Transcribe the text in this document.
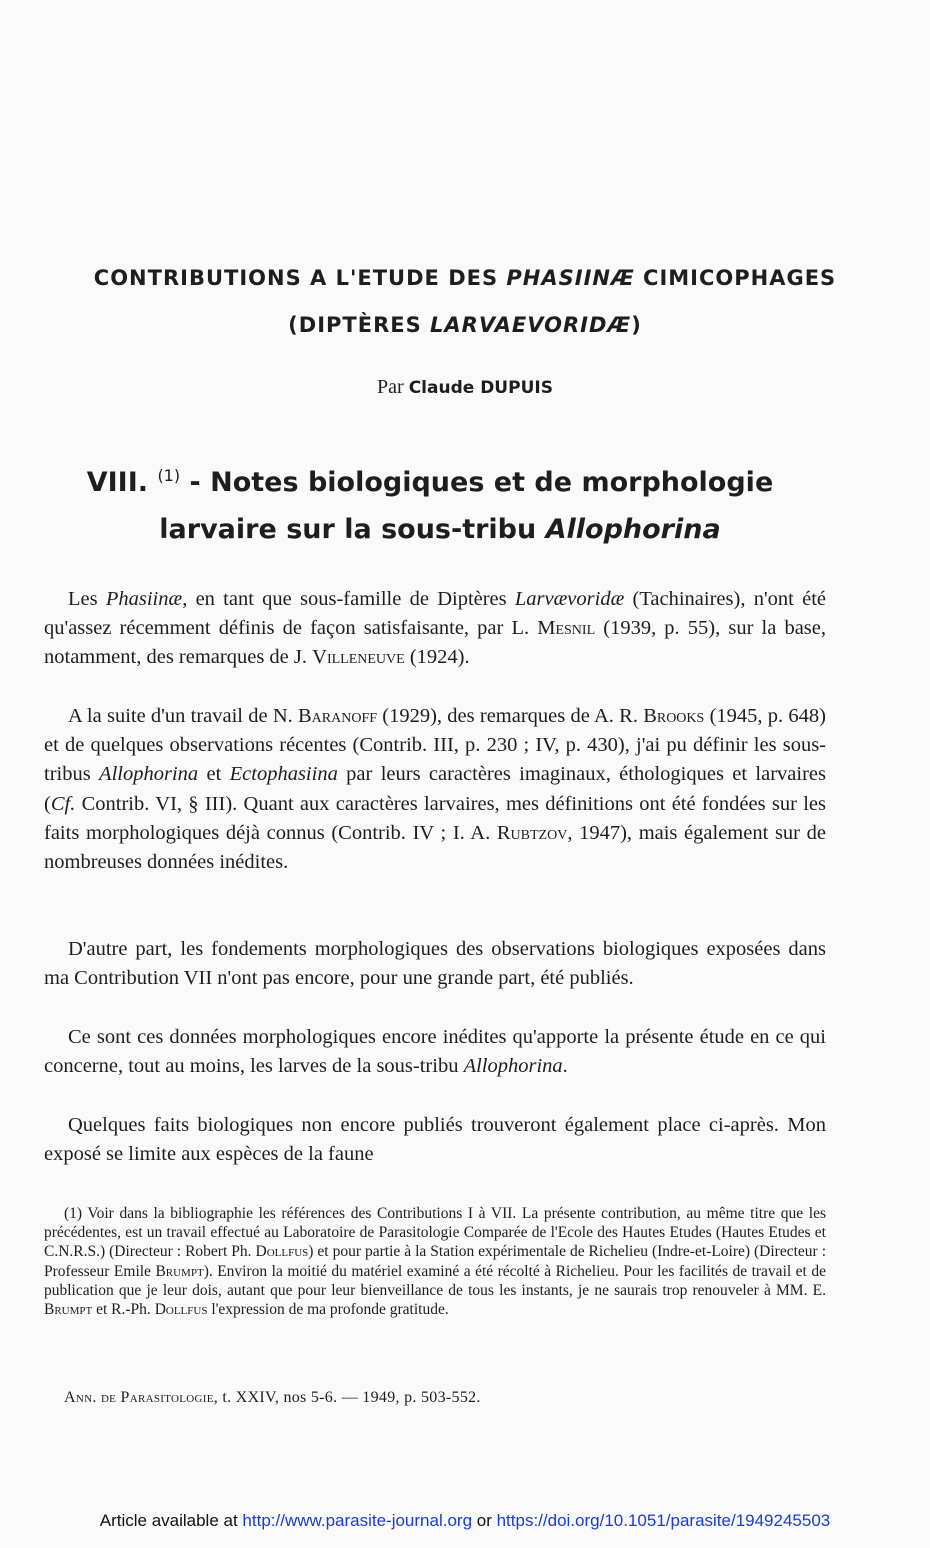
CONTRIBUTIONS A L'ETUDE DES PHASIINÆ CIMICOPHAGES
(DIPTÈRES LARVAEVORIDÆ)
Par Claude DUPUIS
VIII. $^{(1)}$ - Notes biologiques et de morphologie
larvaire sur la sous-tribu Allophorina

Les Phasiinæ, en tant que sous-famille de Diptères Larvævoridæ (Tachinaires), n'ont été qu'assez récemment définis de façon satisfaisante, par L. Mesnil (1939, p. 55), sur la base, notamment, des remarques de J. Villeneuve (1924).

A la suite d'un travail de N. Baranoff (1929), des remarques de A. R. Brooks (1945, p. 648) et de quelques observations récentes (Contrib. III, p. 230 ; IV, p. 430), j'ai pu définir les sous-tribus Allophorina et Ectophasiina par leurs caractères imaginaux, éthologiques et larvaires (Cf. Contrib. VI, § III). Quant aux caractères larvaires, mes définitions ont été fondées sur les faits morphologiques déjà connus (Contrib. IV ; I. A. Rubtzov, 1947), mais également sur de nombreuses données inédites.

D'autre part, les fondements morphologiques des observations biologiques exposées dans ma Contribution VII n'ont pas encore, pour une grande part, été publiés.

Ce sont ces données morphologiques encore inédites qu'apporte la présente étude en ce qui concerne, tout au moins, les larves de la sous-tribu Allophorina.

Quelques faits biologiques non encore publiés trouveront également place ci-après. Mon exposé se limite aux espèces de la faune

(1) Voir dans la bibliographie les références des Contributions I à VII. La présente contribution, au même titre que les précédentes, est un travail effectué au Laboratoire de Parasitologie Comparée de l'Ecole des Hautes Etudes (Hautes Etudes et C.N.R.S.) (Directeur : Robert Ph. Dollfus) et pour partie à la Station expérimentale de Richelieu (Indre-et-Loire) (Directeur : Professeur Emile Brumpt). Environ la moitié du matériel examiné a été récolté à Richelieu. Pour les facilités de travail et de publication que je leur dois, autant que pour leur bienveillance de tous les instants, je ne saurais trop renouveler à MM. E. Brumpt et R.-Ph. Dollfus l'expression de ma profonde gratitude.

Ann. de Parasitologie, t. XXIV, nos 5-6. — 1949, p. 503-552.
Article available at http://www.parasite-journal.org or https://doi.org/10.1051/parasite/1949245503
